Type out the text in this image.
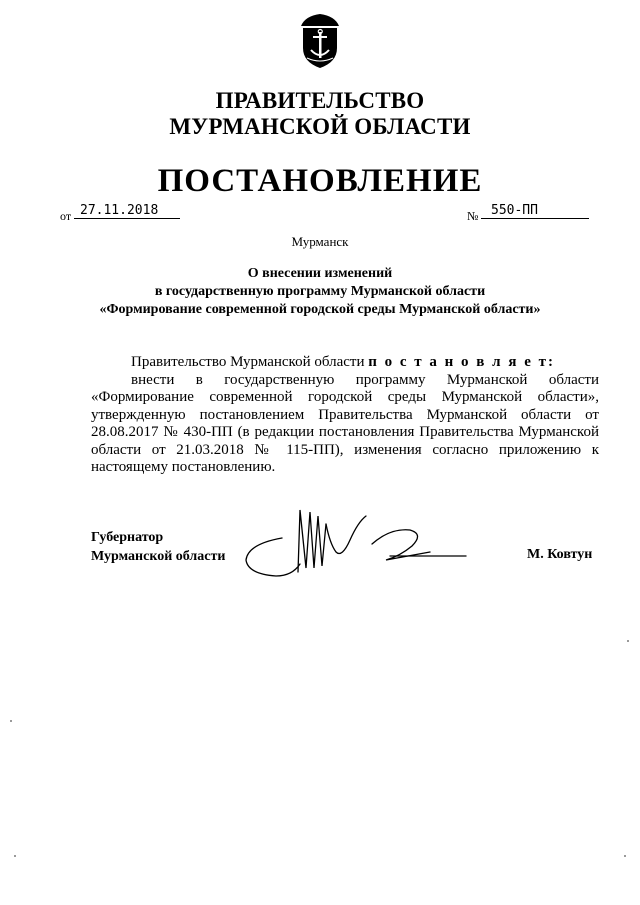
ПРАВИТЕЛЬСТВО
МУРМАНСКОЙ ОБЛАСТИ
ПОСТАНОВЛЕНИЕ
от 27.11.2018	№ 550-ПП
Мурманск
О внесении изменений
в государственную программу Мурманской области
«Формирование современной городской среды Мурманской области»

Правительство Мурманской области п о с т а н о в л я е т:

внести в государственную программу Мурманской области «Формирование современной городской среды Мурманской области», утвержденную постановлением Правительства Мурманской области от 28.08.2017 № 430-ПП (в редакции постановления Правительства Мурманской области от 21.03.2018 № 115-ПП), изменения согласно приложению к настоящему постановлению.

Губернатор
Мурманской области	М. Ковтун
